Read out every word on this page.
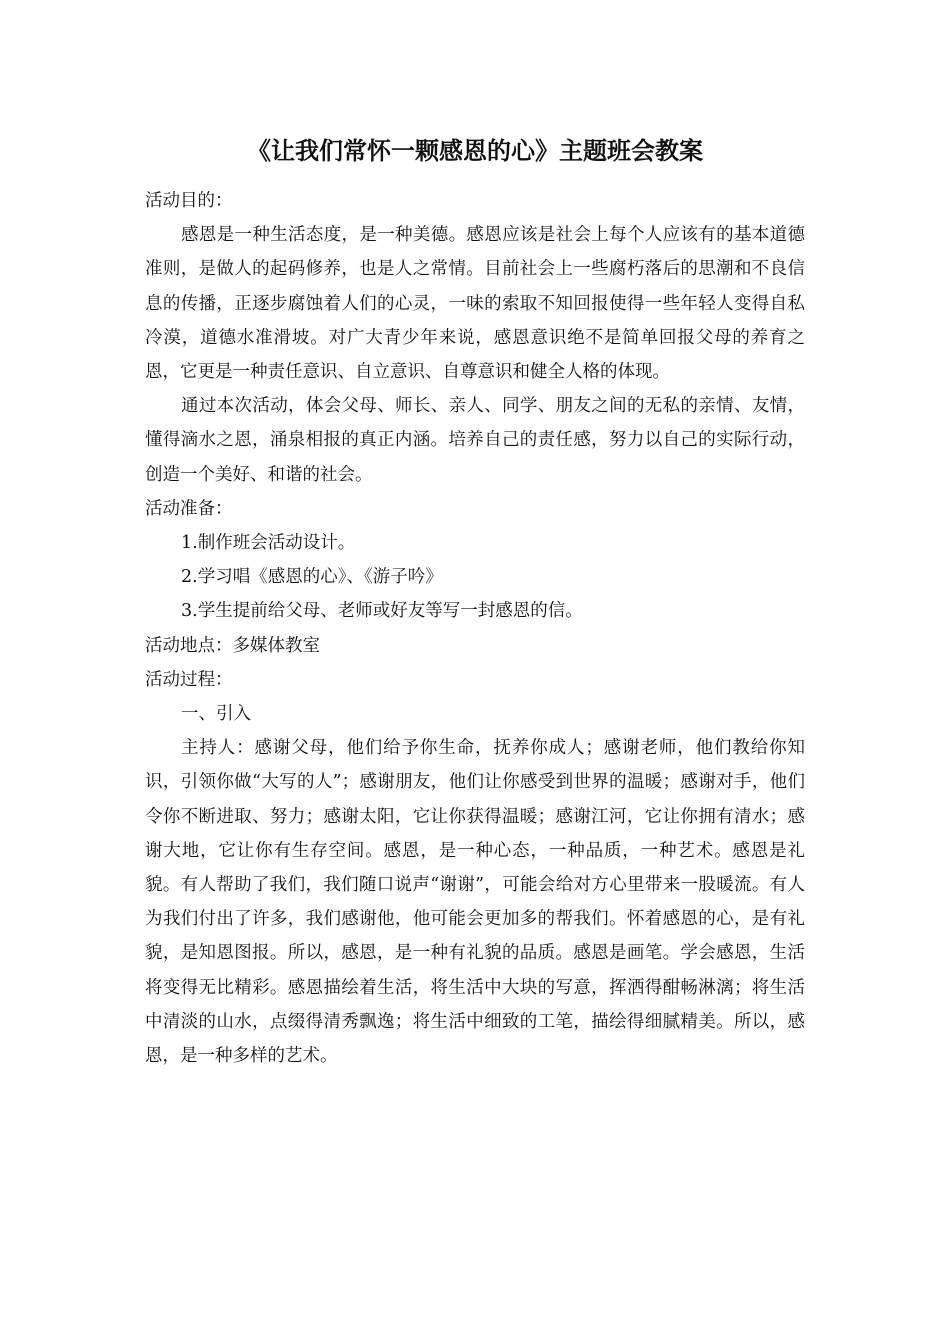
《让我们常怀一颗感恩的心》主题班会教案

活动目的：

感恩是一种生活态度，是一种美德。感恩应该是社会上每个人应该有的基本道德准则，是做人的起码修养，也是人之常情。目前社会上一些腐朽落后的思潮和不良信息的传播，正逐步腐蚀着人们的心灵，一味的索取不知回报使得一些年轻人变得自私冷漠，道德水准滑坡。对广大青少年来说，感恩意识绝不是简单回报父母的养育之恩，它更是一种责任意识、自立意识、自尊意识和健全人格的体现。

通过本次活动，体会父母、师长、亲人、同学、朋友之间的无私的亲情、友情，懂得滴水之恩，涌泉相报的真正内涵。培养自己的责任感，努力以自己的实际行动，创造一个美好、和谐的社会。

活动准备：

1.制作班会活动设计。

2.学习唱《感恩的心》、《游子吟》

3.学生提前给父母、老师或好友等写一封感恩的信。

活动地点：多媒体教室

活动过程：

一、引入

主持人：感谢父母，他们给予你生命，抚养你成人；感谢老师，他们教给你知识，引领你做“大写的人”；感谢朋友，他们让你感受到世界的温暖；感谢对手，他们令你不断进取、努力；感谢太阳，它让你获得温暖；感谢江河，它让你拥有清水；感谢大地，它让你有生存空间。感恩，是一种心态，一种品质，一种艺术。感恩是礼貌。有人帮助了我们，我们随口说声“谢谢”，可能会给对方心里带来一股暖流。有人为我们付出了许多，我们感谢他，他可能会更加多的帮我们。怀着感恩的心，是有礼貌，是知恩图报。所以，感恩，是一种有礼貌的品质。感恩是画笔。学会感恩，生活将变得无比精彩。感恩描绘着生活，将生活中大块的写意，挥洒得酣畅淋漓；将生活中清淡的山水，点缀得清秀飘逸；将生活中细致的工笔，描绘得细腻精美。所以，感恩，是一种多样的艺术。
